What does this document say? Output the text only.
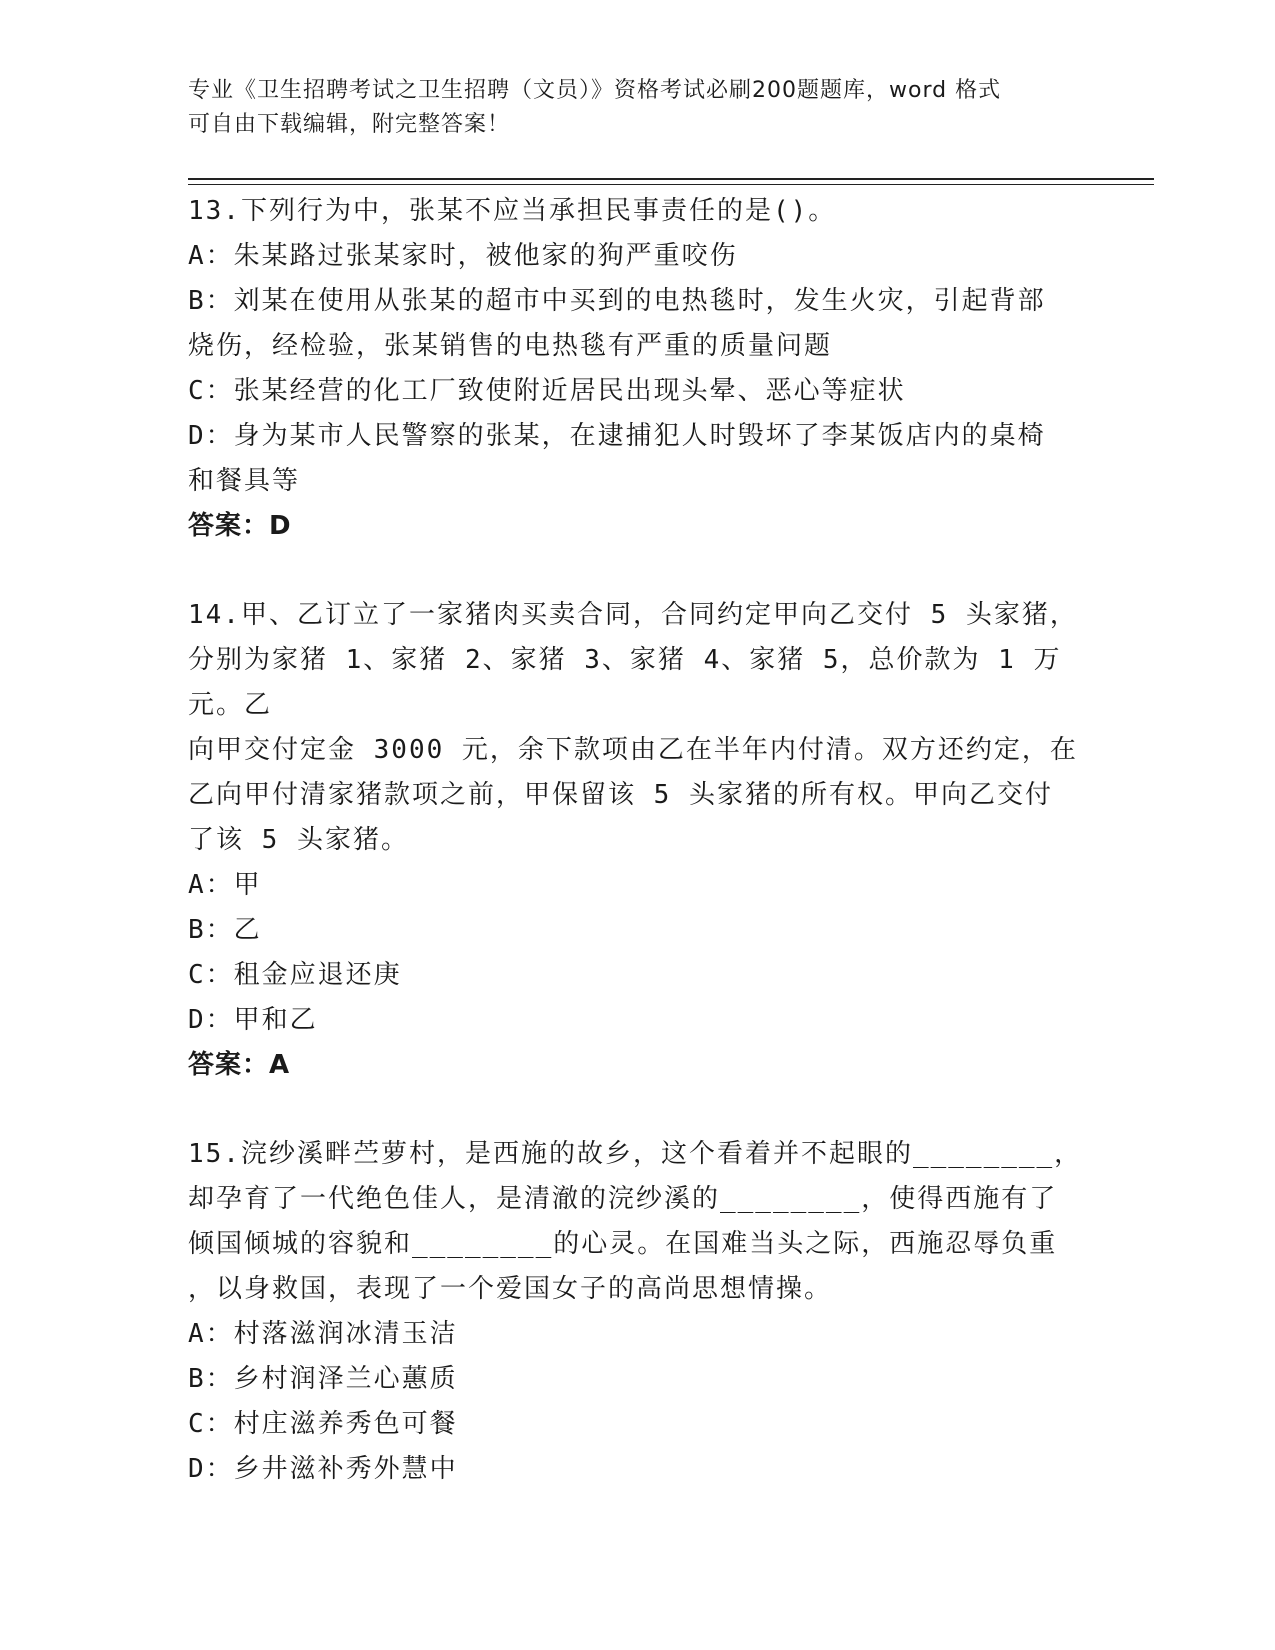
专业《卫生招聘考试之卫生招聘（文员）》资格考试必刷200题题库，word 格式

可自由下载编辑，附完整答案！

13.下列行为中，张某不应当承担民事责任的是()。

A：朱某路过张某家时，被他家的狗严重咬伤

B：刘某在使用从张某的超市中买到的电热毯时，发生火灾，引起背部

烧伤，经检验，张某销售的电热毯有严重的质量问题

C：张某经营的化工厂致使附近居民出现头晕、恶心等症状

D：身为某市人民警察的张某，在逮捕犯人时毁坏了李某饭店内的桌椅

和餐具等

答案：D

14.甲、乙订立了一家猪肉买卖合同，合同约定甲向乙交付 5 头家猪，

分别为家猪 1、家猪 2、家猪 3、家猪 4、家猪 5，总价款为 1 万元。乙

向甲交付定金 3000 元，余下款项由乙在半年内付清。双方还约定，在

乙向甲付清家猪款项之前，甲保留该 5 头家猪的所有权。甲向乙交付

了该 5 头家猪。

A：甲

B：乙

C：租金应退还庚

D：甲和乙

答案：A

15.浣纱溪畔苎萝村，是西施的故乡，这个看着并不起眼的________，

却孕育了一代绝色佳人，是清澈的浣纱溪的________，使得西施有了

倾国倾城的容貌和________的心灵。在国难当头之际，西施忍辱负重

，以身救国，表现了一个爱国女子的高尚思想情操。

A：村落滋润冰清玉洁

B：乡村润泽兰心蕙质

C：村庄滋养秀色可餐

D：乡井滋补秀外慧中
